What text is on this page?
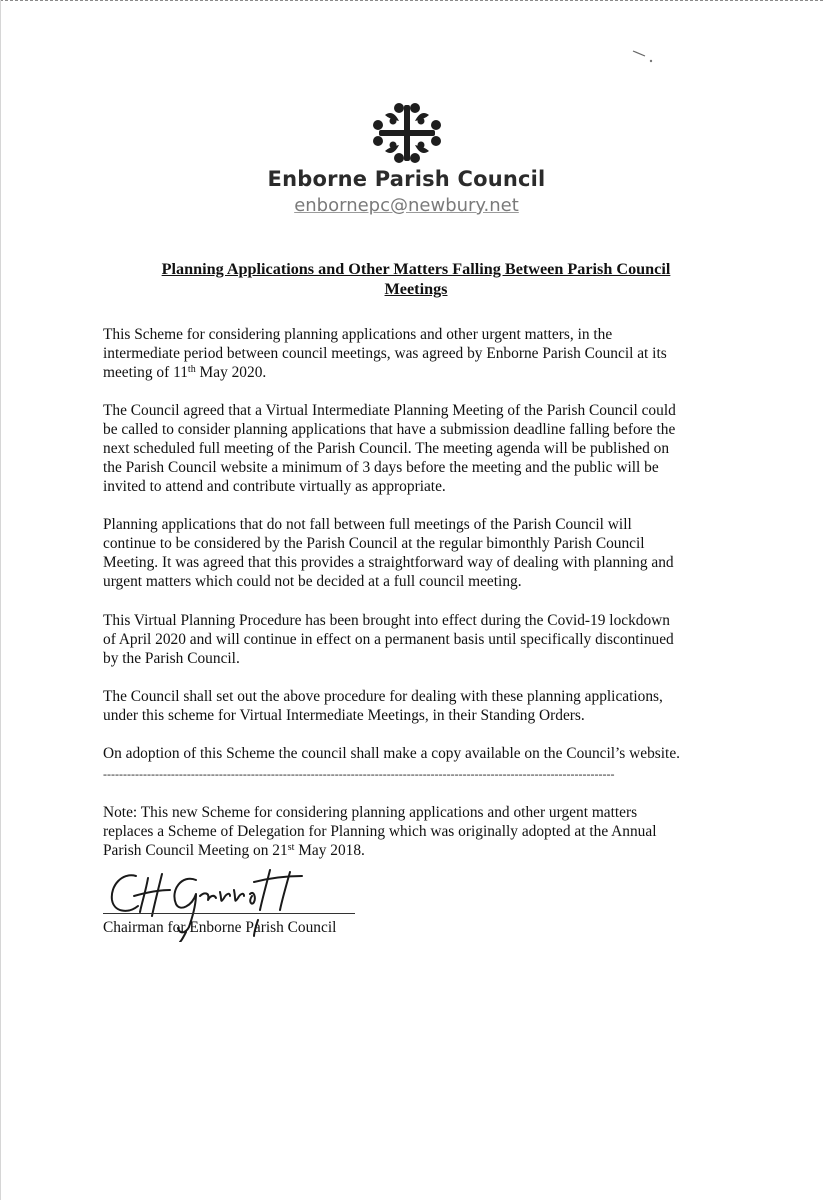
Enborne Parish Council
enbornepc@newbury.net
Planning Applications and Other Matters Falling Between Parish Council
Meetings
This Scheme for considering planning applications and other urgent matters, in the
intermediate period between council meetings, was agreed by Enborne Parish Council at its
meeting of 11th May 2020.
The Council agreed that a Virtual Intermediate Planning Meeting of the Parish Council could
be called to consider planning applications that have a submission deadline falling before the
next scheduled full meeting of the Parish Council. The meeting agenda will be published on
the Parish Council website a minimum of 3 days before the meeting and the public will be
invited to attend and contribute virtually as appropriate.
Planning applications that do not fall between full meetings of the Parish Council will
continue to be considered by the Parish Council at the regular bimonthly Parish Council
Meeting. It was agreed that this provides a straightforward way of dealing with planning and
urgent matters which could not be decided at a full council meeting.
This Virtual Planning Procedure has been brought into effect during the Covid-19 lockdown
of April 2020 and will continue in effect on a permanent basis until specifically discontinued
by the Parish Council.
The Council shall set out the above procedure for dealing with these planning applications,
under this scheme for Virtual Intermediate Meetings, in their Standing Orders.
On adoption of this Scheme the council shall make a copy available on the Council’s website.
--------------------------------------------------------------------------------------------------------------------------------
Note: This new Scheme for considering planning applications and other urgent matters
replaces a Scheme of Delegation for Planning which was originally adopted at the Annual
Parish Council Meeting on 21st May 2018.
Chairman for Enborne Parish Council
